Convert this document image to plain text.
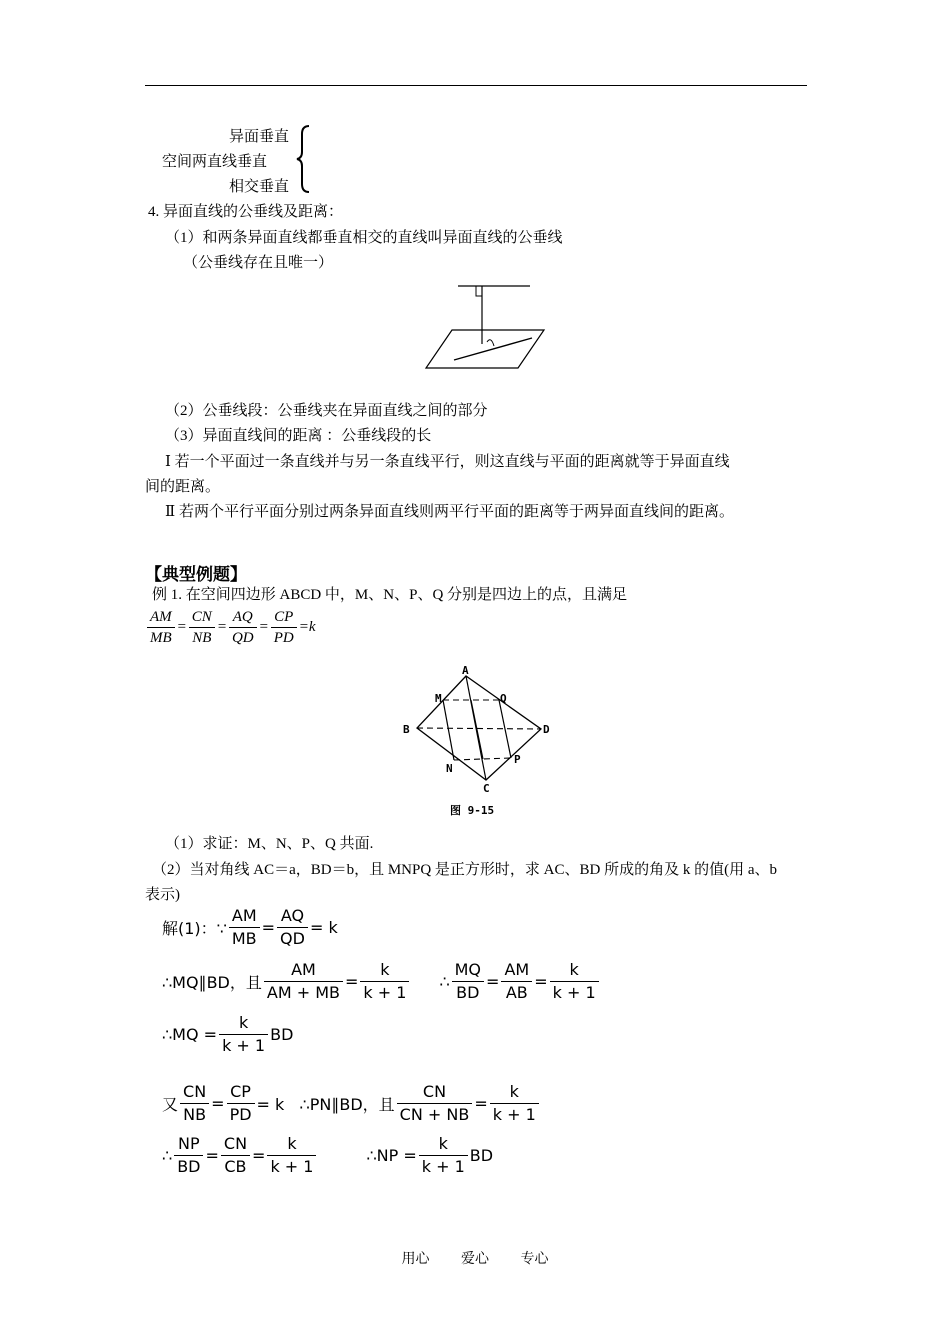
异面垂直
空间两直线垂直
相交垂直
4. 异面直线的公垂线及距离：
（1）和两条异面直线都垂直相交的直线叫异面直线的公垂线
（公垂线存在且唯一）
（2）公垂线段：公垂线夹在异面直线之间的部分
（3）异面直线间的距离 ：公垂线段的长
Ⅰ 若一个平面过一条直线并与另一条直线平行，则这直线与平面的距离就等于异面直线
间的距离。
Ⅱ 若两个平行平面分别过两条异面直线则两平行平面的距离等于两异面直线间的距离。
【典型例题】
例 1. 在空间四边形 ABCD 中，M、N、P、Q 分别是四边上的点，且满足
$\frac{AM}{MB} = \frac{CN}{NB} = \frac{AQ}{QD} = \frac{CP}{PD} = k$
A
B
C
D
M
N
P
Q
图 9-15
（1）求证：M、N、P、Q 共面.
（2）当对角线 AC＝a，BD＝b，且 MNPQ 是正方形时，求 AC、BD 所成的角及 k 的值(用 a、b
表示)
解(1)：∵ $\frac{AM}{MB} = \frac{AQ}{QD} = k$
∴MQ∥BD，且 $\frac{AM}{AM + MB} = \frac{k}{k + 1}$ ∴ $\frac{MQ}{BD} = \frac{AM}{AB} = \frac{k}{k + 1}$
∴MQ = $\frac{k}{k + 1}$ BD
又 $\frac{CN}{NB} = \frac{CP}{PD} = k$   ∴PN∥BD，且 $\frac{CN}{CN + NB} = \frac{k}{k + 1}$
∴ $\frac{NP}{BD} = \frac{CN}{CB} = \frac{k}{k + 1}$	∴NP = $\frac{k}{k + 1}$ BD
用心 爱心 专心
